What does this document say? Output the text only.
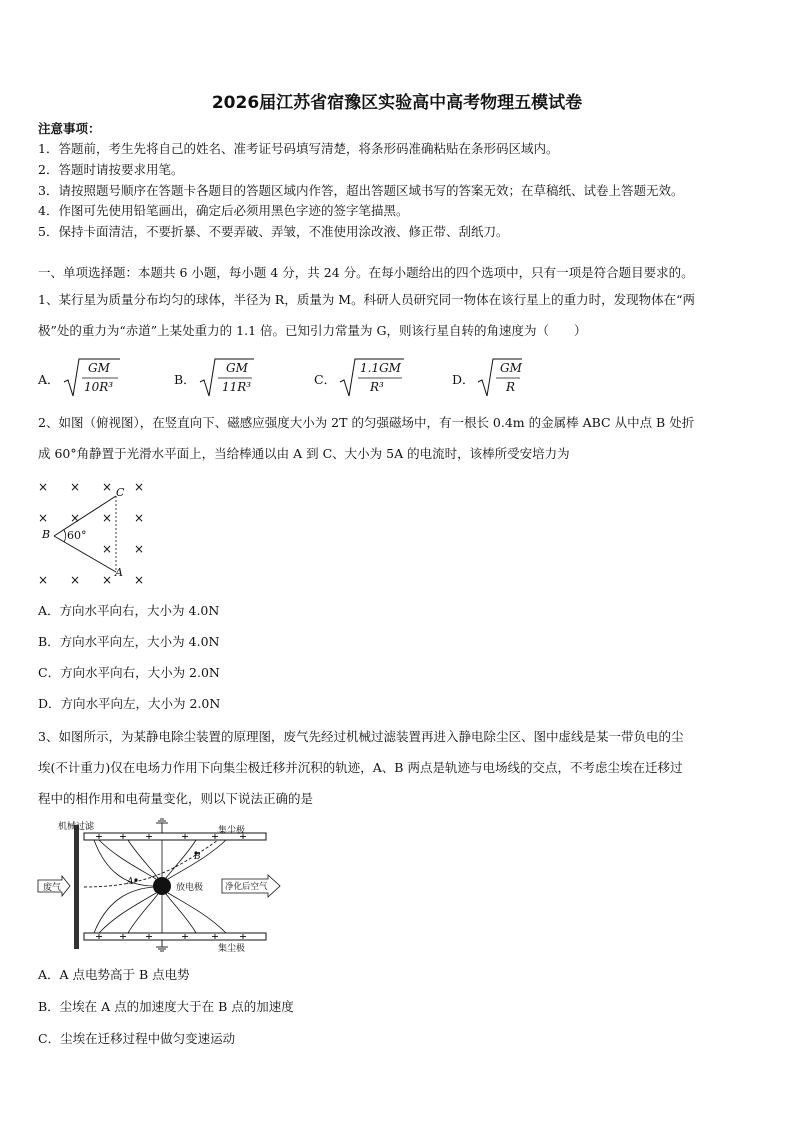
2026届江苏省宿豫区实验高中高考物理五模试卷
注意事项：
1．答题前，考生先将自己的姓名、准考证号码填写清楚，将条形码准确粘贴在条形码区域内。
2．答题时请按要求用笔。
3．请按照题号顺序在答题卡各题目的答题区域内作答，超出答题区域书写的答案无效；在草稿纸、试卷上答题无效。
4．作图可先使用铅笔画出，确定后必须用黑色字迹的签字笔描黑。
5．保持卡面清洁，不要折暴、不要弄破、弄皱，不准使用涂改液、修正带、刮纸刀。
一、单项选择题：本题共 6 小题，每小题 4 分，共 24 分。在每小题给出的四个选项中，只有一项是符合题目要求的。
1、某行星为质量分布均匀的球体，半径为 R，质量为 M。科研人员研究同一物体在该行星上的重力时，发现物体在“两
极”处的重力为“赤道”上某处重力的 1.1 倍。已知引力常量为 G，则该行星自转的角速度为（　　）
A．
GM
10R³	B．
GM
11R³	C．
1.1GM
R³	D．
GM
R
2、如图（俯视图），在竖直向下、磁感应强度大小为 2T 的匀强磁场中，有一根长 0.4m 的金属棒 ABC 从中点 B 处折
成 60°角静置于光滑水平面上，当给棒通以由 A 到 C、大小为 5A 的电流时，该棒所受安培力为
× × × ×
× × × ×
× ×
× × × ×
B
C
A
60°
A．方向水平向右，大小为 4.0N
B．方向水平向左，大小为 4.0N
C．方向水平向右，大小为 2.0N
D．方向水平向左，大小为 2.0N
3、如图所示，为某静电除尘装置的原理图，废气先经过机械过滤装置再进入静电除尘区、图中虚线是某一带负电的尘
埃(不计重力)仅在电场力作用下向集尘极迁移并沉积的轨迹，A、B 两点是轨迹与电场线的交点，不考虑尘埃在迁移过
程中的相作用和电荷量变化，则以下说法正确的是
机械过滤	集尘极
集尘极
废气	净化后空气
放电极
A
B
A．A 点电势高于 B 点电势
B．尘埃在 A 点的加速度大于在 B 点的加速度
C．尘埃在迁移过程中做匀变速运动
